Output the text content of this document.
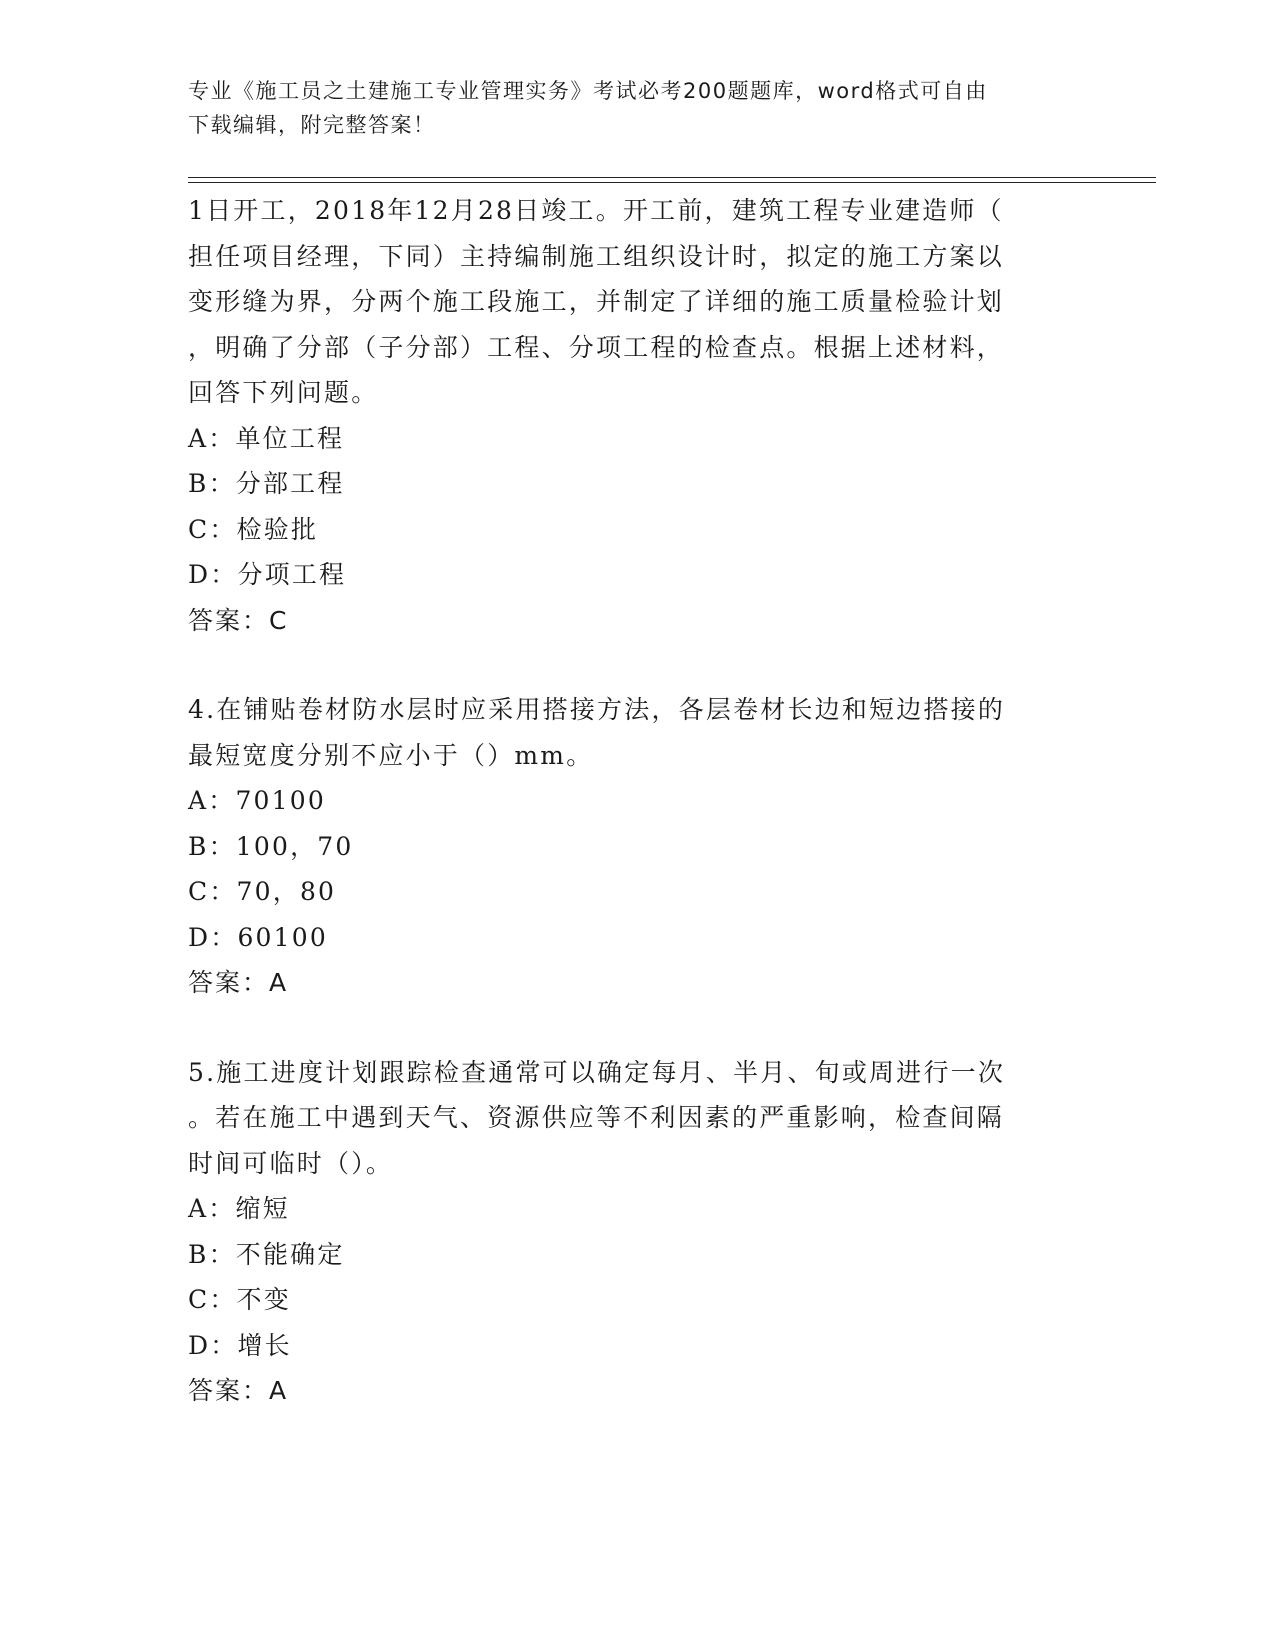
专业《施工员之土建施工专业管理实务》考试必考200题题库，word格式可自由
下载编辑，附完整答案！
1日开工，2018年12月28日竣工。开工前，建筑工程专业建造师（
担任项目经理，下同）主持编制施工组织设计时，拟定的施工方案以
变形缝为界，分两个施工段施工，并制定了详细的施工质量检验计划
，明确了分部（子分部）工程、分项工程的检查点。根据上述材料，
回答下列问题。
A：单位工程
B：分部工程
C：检验批
D：分项工程
答案：C
4.在铺贴卷材防水层时应采用搭接方法，各层卷材长边和短边搭接的
最短宽度分别不应小于（）mm。
A：70100
B：100，70
C：70，80
D：60100
答案：A
5.施工进度计划跟踪检查通常可以确定每月、半月、旬或周进行一次
。若在施工中遇到天气、资源供应等不利因素的严重影响，检查间隔
时间可临时（）。
A：缩短
B：不能确定
C：不变
D：增长
答案：A
